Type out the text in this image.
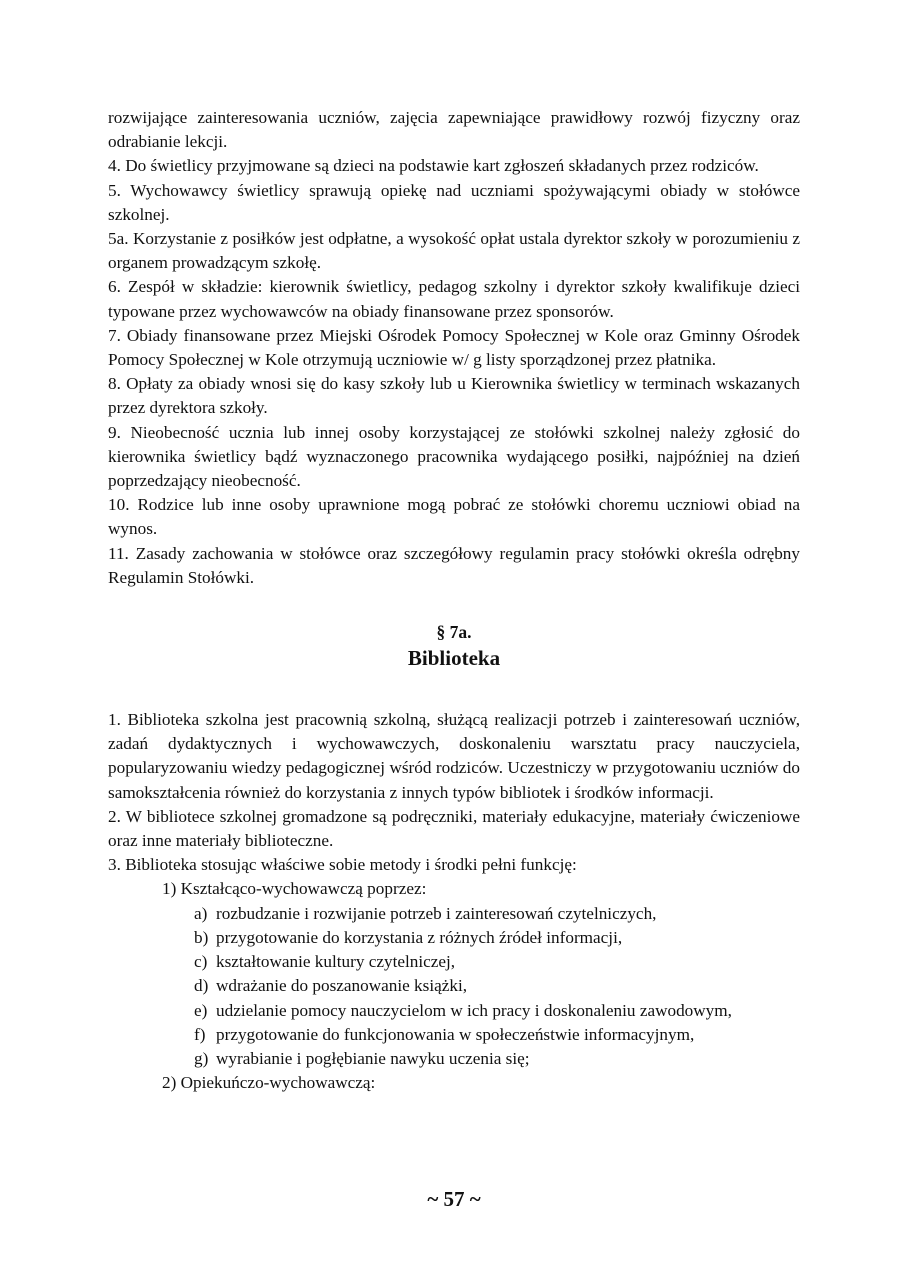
rozwijające zainteresowania uczniów, zajęcia zapewniające prawidłowy rozwój fizyczny oraz odrabianie lekcji.

4. Do świetlicy przyjmowane są dzieci na podstawie kart zgłoszeń składanych przez rodziców.

5. Wychowawcy świetlicy sprawują opiekę nad uczniami spożywającymi obiady w stołówce szkolnej.

5a. Korzystanie z posiłków jest odpłatne, a wysokość opłat ustala dyrektor szkoły w porozumieniu z organem prowadzącym szkołę.

6. Zespół w składzie: kierownik świetlicy, pedagog szkolny i dyrektor szkoły kwalifikuje dzieci typowane przez wychowawców na obiady finansowane przez sponsorów.

7. Obiady finansowane przez Miejski Ośrodek Pomocy Społecznej w Kole oraz Gminny Ośrodek Pomocy Społecznej w Kole otrzymują uczniowie w/ g listy sporządzonej przez płatnika.

8. Opłaty za obiady wnosi się do kasy szkoły lub u Kierownika świetlicy w terminach wskazanych przez dyrektora szkoły.

9. Nieobecność ucznia lub innej osoby korzystającej ze stołówki szkolnej należy zgłosić do kierownika świetlicy bądź wyznaczonego pracownika wydającego posiłki, najpóźniej na dzień poprzedzający nieobecność.

10. Rodzice lub inne osoby uprawnione mogą pobrać ze stołówki choremu uczniowi obiad na wynos.

11. Zasady zachowania w stołówce oraz szczegółowy regulamin pracy stołówki określa odrębny Regulamin Stołówki.

§ 7a.

Biblioteka

1. Biblioteka szkolna jest pracownią szkolną, służącą realizacji potrzeb i zainteresowań uczniów, zadań dydaktycznych i wychowawczych, doskonaleniu warsztatu pracy nauczyciela, popularyzowaniu wiedzy pedagogicznej wśród rodziców. Uczestniczy w przygotowaniu uczniów do samokształcenia również do korzystania z innych typów bibliotek i środków informacji.

2. W bibliotece szkolnej gromadzone są podręczniki, materiały edukacyjne, materiały ćwiczeniowe oraz inne materiały biblioteczne.

3. Biblioteka stosując właściwe sobie metody i środki pełni funkcję:

1) Kształcąco-wychowawczą poprzez:

a) rozbudzanie i rozwijanie potrzeb i zainteresowań czytelniczych,
b) przygotowanie do korzystania z różnych źródeł informacji,
c) kształtowanie kultury czytelniczej,
d) wdrażanie do poszanowanie książki,
e) udzielanie pomocy nauczycielom w ich pracy i doskonaleniu zawodowym,
f) przygotowanie do funkcjonowania w społeczeństwie informacyjnym,
g) wyrabianie i pogłębianie nawyku uczenia się;

2) Opiekuńczo-wychowawczą:

~ 57 ~
